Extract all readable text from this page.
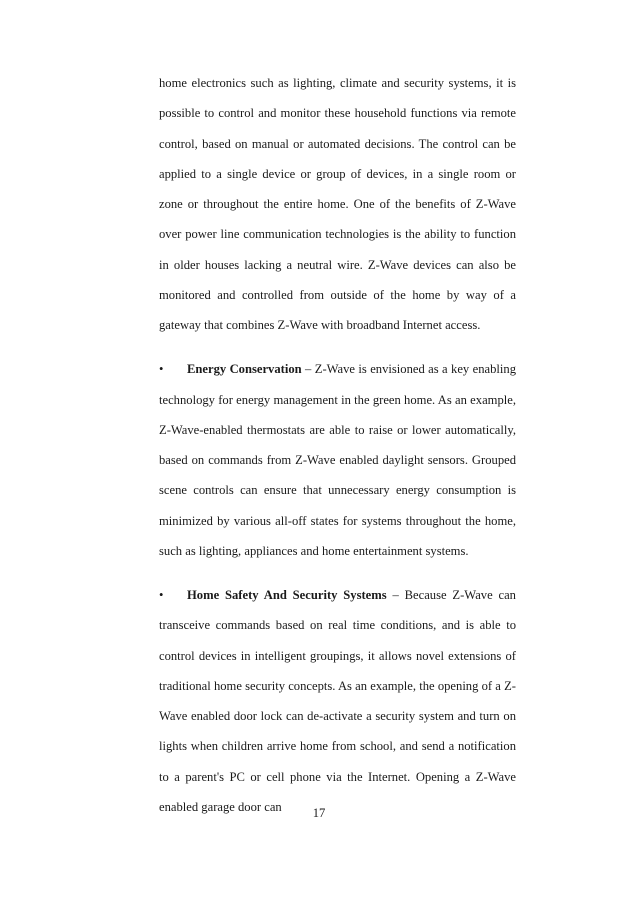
home electronics such as lighting, climate and security systems, it is possible to control and monitor these household functions via remote control, based on manual or automated decisions. The control can be applied to a single device or group of devices, in a single room or zone or throughout the entire home. One of the benefits of Z-Wave over power line communication technologies is the ability to function in older houses lacking a neutral wire. Z-Wave devices can also be monitored and controlled from outside of the home by way of a gateway that combines Z-Wave with broadband Internet access.

• Energy Conservation – Z-Wave is envisioned as a key enabling technology for energy management in the green home. As an example, Z-Wave-enabled thermostats are able to raise or lower automatically, based on commands from Z-Wave enabled daylight sensors. Grouped scene controls can ensure that unnecessary energy consumption is minimized by various all-off states for systems throughout the home, such as lighting, appliances and home entertainment systems.

• Home Safety And Security Systems – Because Z-Wave can transceive commands based on real time conditions, and is able to control devices in intelligent groupings, it allows novel extensions of traditional home security concepts. As an example, the opening of a Z-Wave enabled door lock can de-activate a security system and turn on lights when children arrive home from school, and send a notification to a parent's PC or cell phone via the Internet. Opening a Z-Wave enabled garage door can	17
